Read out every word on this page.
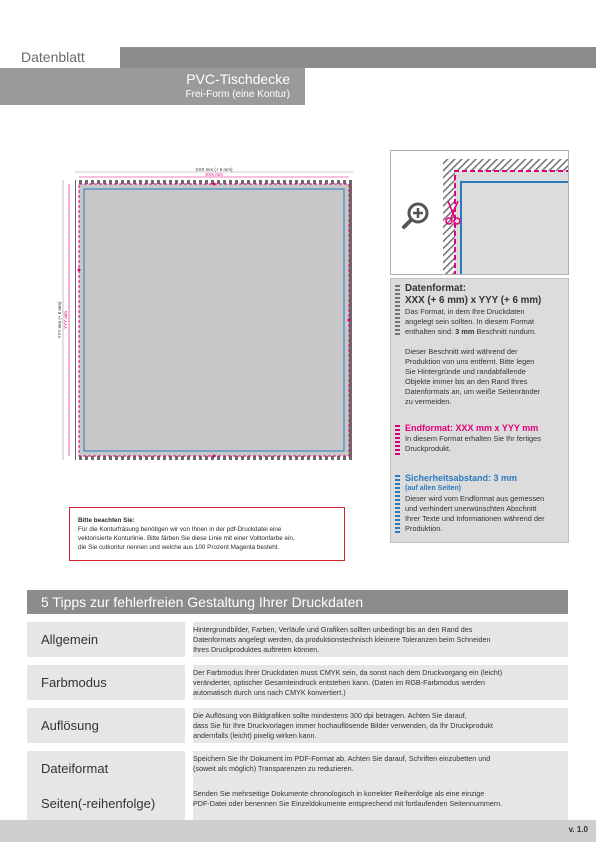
Datenblatt
PVC-Tischdecke
Frei-Form (eine Kontur)
XXX mm (+ 6 mm)
XXX mm
YYY mm (+ 6 mm) YYY mm
Bitte beachten Sie:
Für die Konturfräsung benötigen wir von Ihnen in der pdf-Druckdatei eine
vektorisierte Konturlinie. Bitte färben Sie diese Linie mit einer Volltonfarbe ein,
die Sie cutkontur nennen und welche aus 100 Prozent Magenta besteht.
Datenformat:
XXX (+ 6 mm) x YYY (+ 6 mm)
Das Format, in dem Ihre Druckdaten
angelegt sein sollten. In diesem Format
enthalten sind: 3 mm Beschnitt rundum.
Dieser Beschnitt wird während der
Produktion von uns entfernt. Bitte legen
Sie Hintergründe und randabfallende
Objekte immer bis an den Rand Ihres
Datenformats an, um weiße Seitenränder
zu vermeiden.
Endformat: XXX mm x YYY mm
In diesem Format erhalten Sie Ihr fertiges
Druckprodukt.
Sicherheitsabstand: 3 mm
(auf allen Seiten)
Dieser wird vom Endformat aus gemessen
und verhindert unerwünschten Abschnitt
Ihrer Texte und Informationen während der
Produktion.
5 Tipps zur fehlerfreien Gestaltung Ihrer Druckdaten
Allgemein
Hintergrundbilder, Farben, Verläufe und Grafiken sollten unbedingt bis an den Rand des
Datenformats angelegt werden, da produktionstechnisch kleinere Toleranzen beim Schneiden
Ihres Druckproduktes auftreten können.
Farbmodus
Der Farbmodus Ihrer Druckdaten muss CMYK sein, da sonst nach dem Druckvorgang ein (leicht)
veränderter, optischer Gesamteindruck entstehen kann. (Daten im RGB-Farbmodus werden
automatisch durch uns nach CMYK konvertiert.)
Auflösung
Die Auflösung von Bildgrafiken sollte mindestens 300 dpi betragen. Achten Sie darauf,
dass Sie für Ihre Druckvorlagen immer hochauflösende Bilder verwenden, da Ihr Druckprodukt
andernfalls (leicht) pixelig wirken kann.
Dateiformat
Speichern Sie Ihr Dokument im PDF-Format ab. Achten Sie darauf, Schriften einzubetten und
(soweit als möglich) Transparenzen zu reduzieren.
Seiten(-reihenfolge)
Senden Sie mehrseitige Dokumente chronologisch in korrekter Reihenfolge als eine einzige
PDF-Datei oder benennen Sie Einzeldokumente entsprechend mit fortlaufenden Seitennummern.
v. 1.0
